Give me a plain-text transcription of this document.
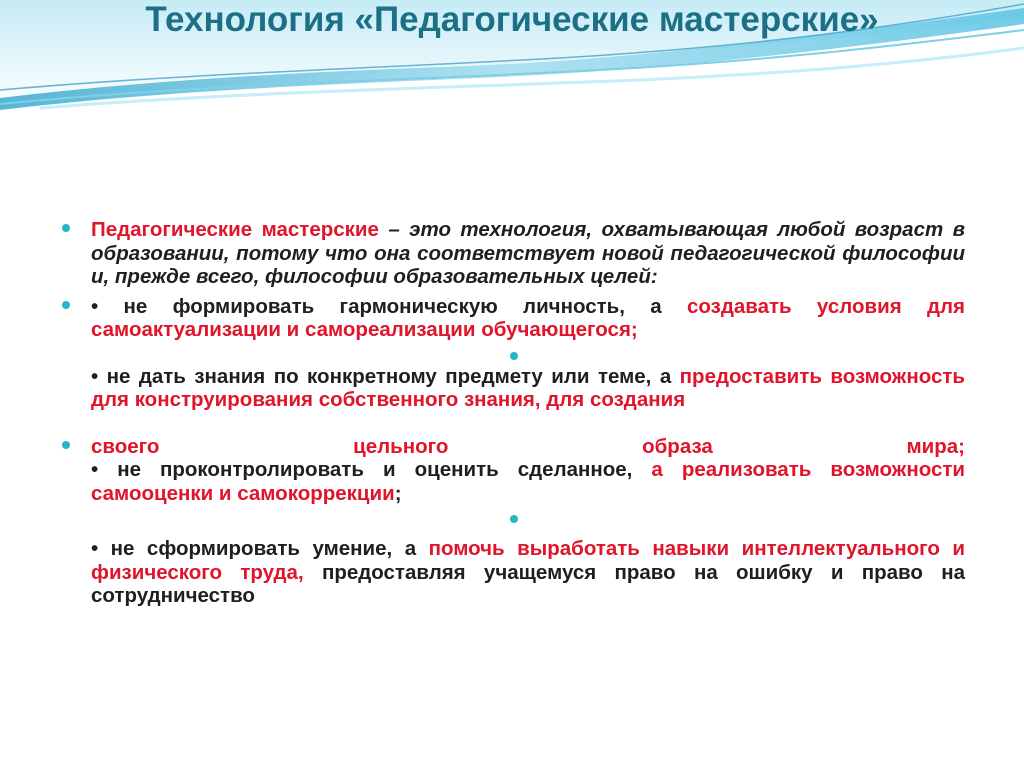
Технология «Педагогические мастерские»
Педагогические мастерские – это технология, охватывающая любой возраст в образовании, потому что она соответствует новой педагогической философии и, прежде всего, философии образовательных целей:
• не формировать гармоническую личность, а создавать условия для самоактуализации и самореализации обучающегося;
• не дать знания по конкретному предмету или теме, а предоставить возможность для конструирования собственного знания, для создания
своего цельного образа мира;
• не проконтролировать и оценить сделанное, а реализовать возможности самооценки и самокоррекции;
• не сформировать умение, а помочь выработать навыки интеллектуального и физического труда, предоставляя учащемуся право на ошибку и право на сотрудничество
